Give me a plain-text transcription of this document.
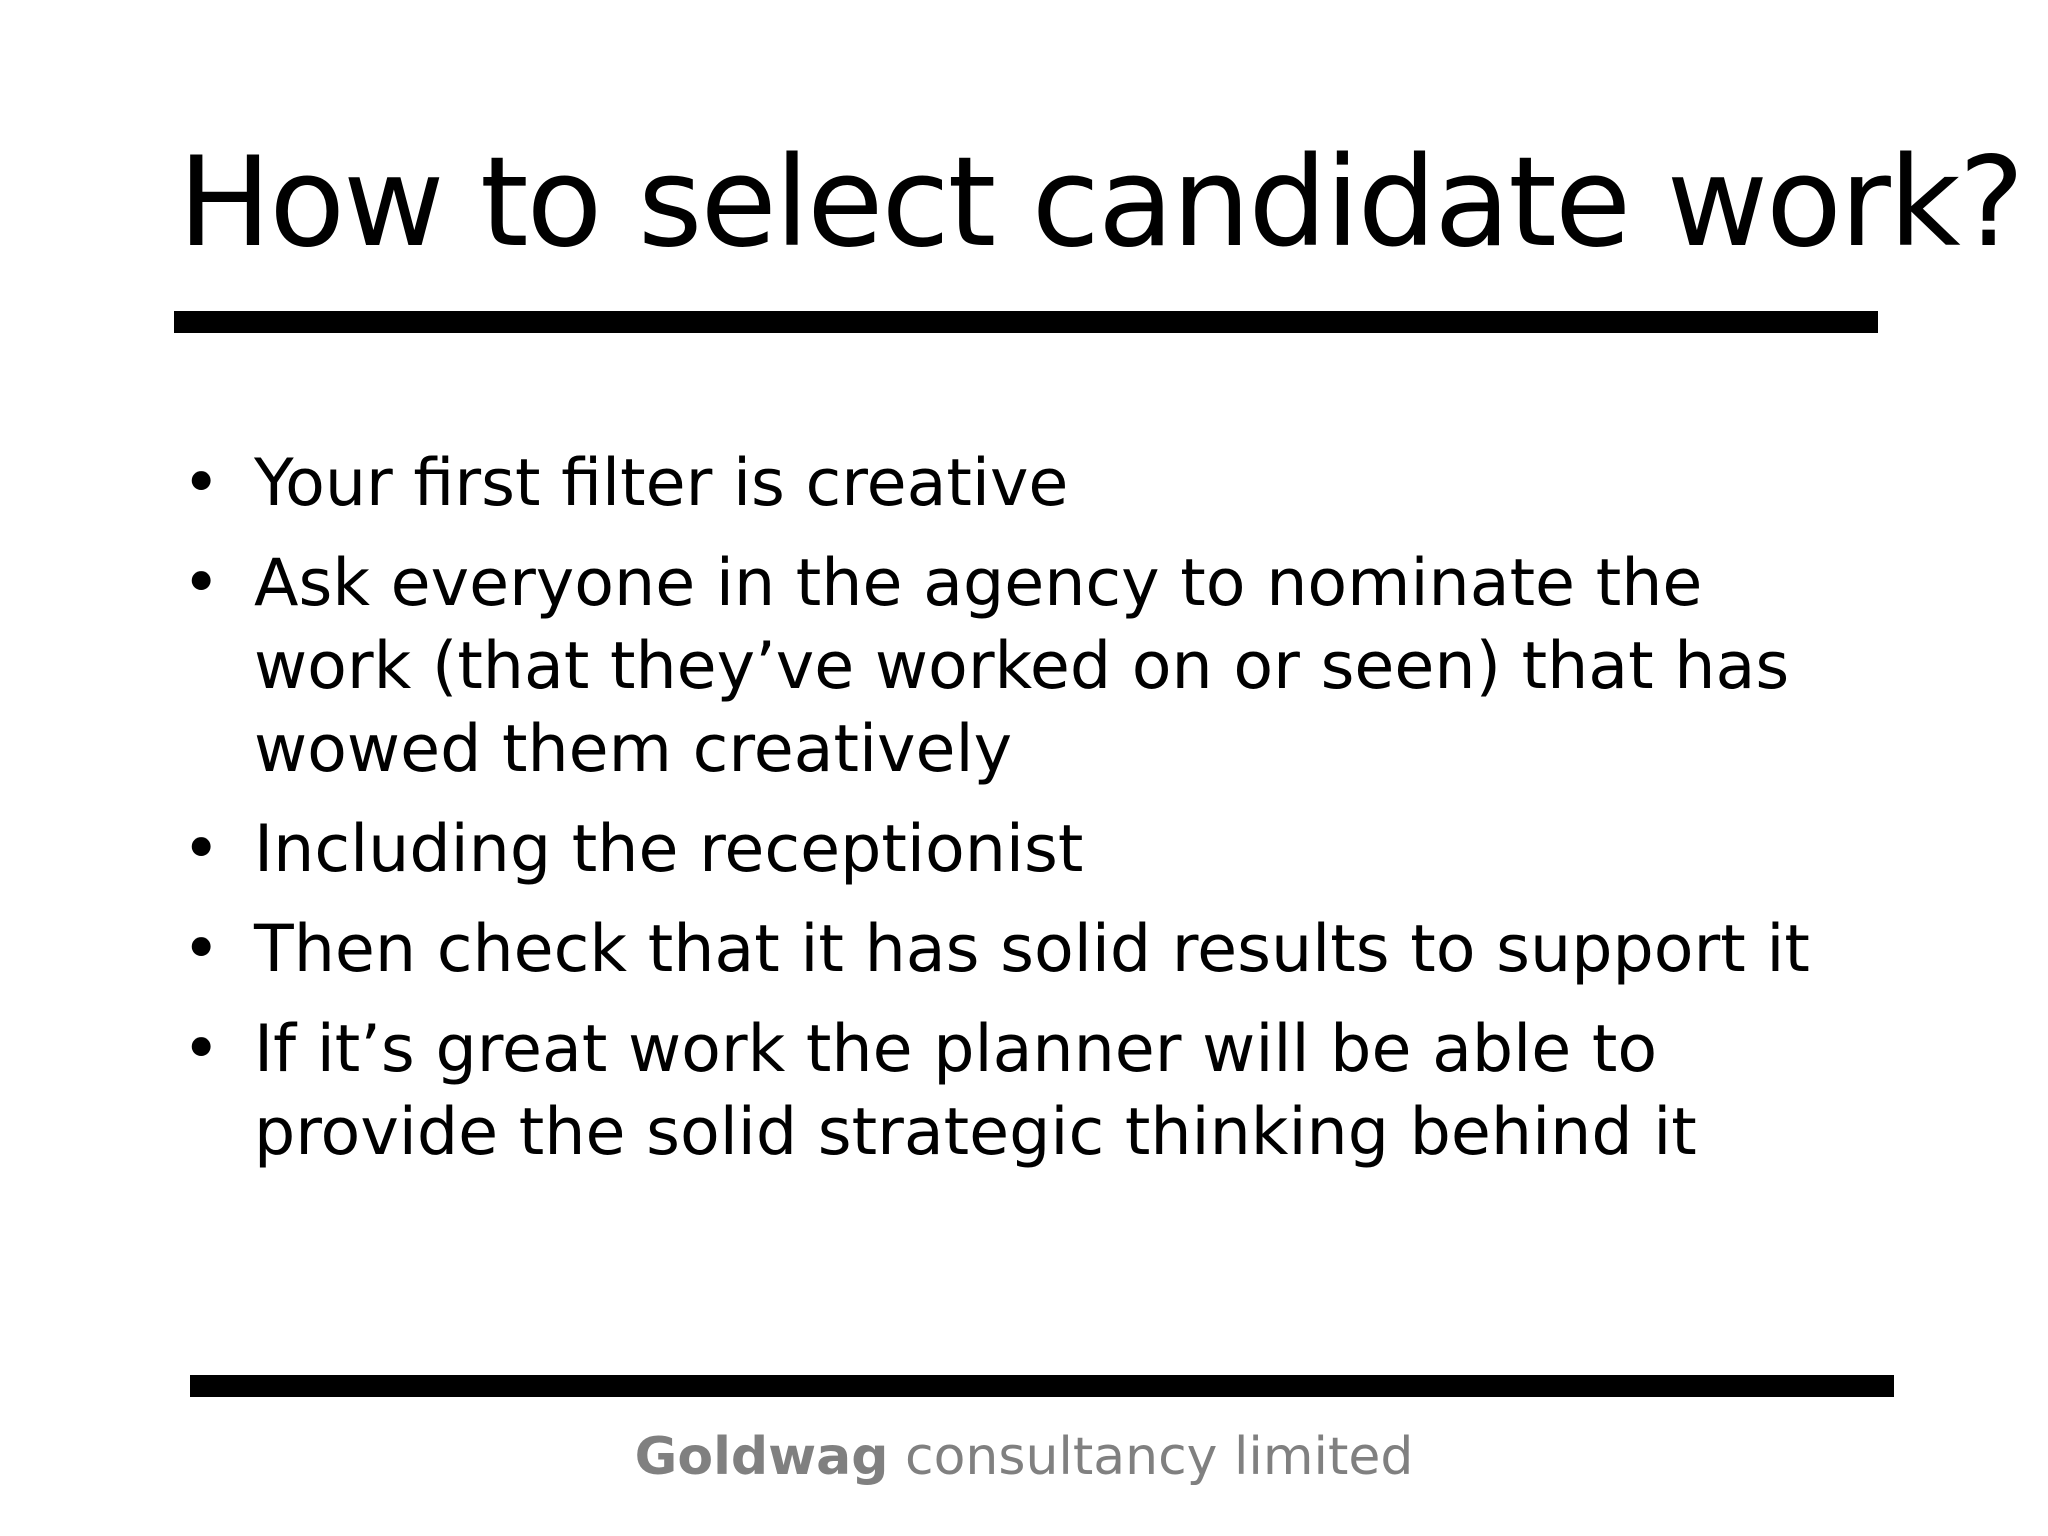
How to select candidate work?
• Your first filter is creative
• Ask everyone in the agency to nominate the work (that they’ve worked on or seen) that has wowed them creatively
• Including the receptionist
• Then check that it has solid results to support it
• If it’s great work the planner will be able to provide the solid strategic thinking behind it
Goldwag consultancy limited
